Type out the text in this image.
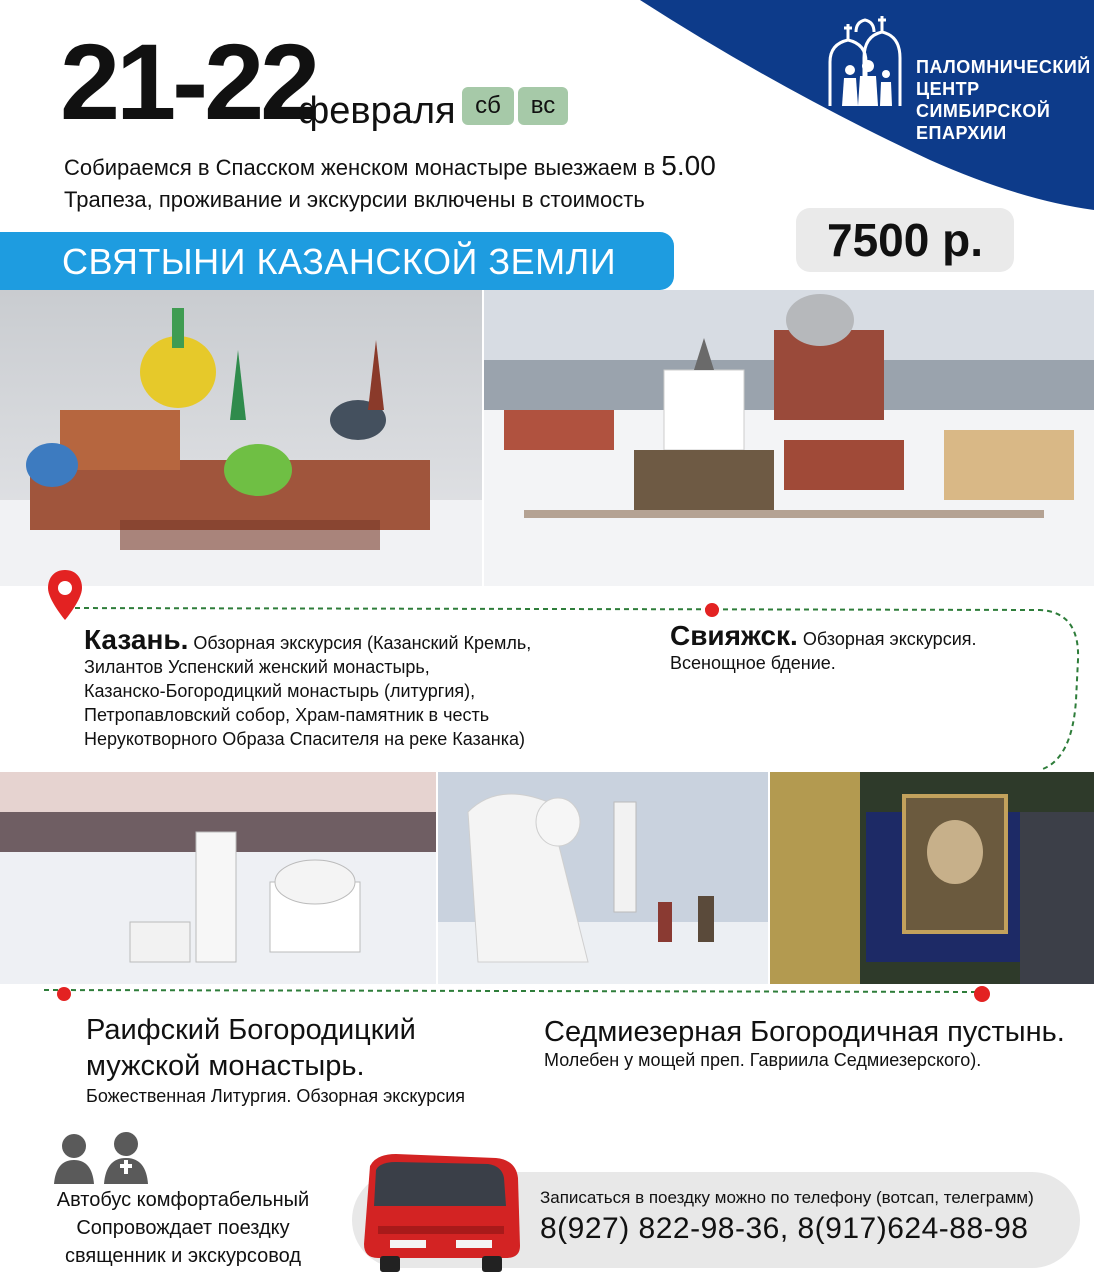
ПАЛОМНИЧЕСКИЙ ЦЕНТР
СИМБИРСКОЙ ЕПАРХИИ
21-22
февраля сб	вс
Собираемся в Спасском женском монастыре выезжаем в 5.00
Трапеза, проживание и экскурсии включены в стоимость
СВЯТЫНИ КАЗАНСКОЙ ЗЕМЛИ	7500 р.
Казань. Обзорная экскурсия (Казанский Кремль,
Зилантов Успенский женский монастырь,
Казанско-Богородицкий монастырь (литургия),
Петропавловский собор, Храм-памятник в честь
Нерукотворного Образа Спасителя на реке Казанка)
Свияжск. Обзорная экскурсия.
Всенощное бдение.
Раифский Богородицкий
мужской монастырь.
Божественная Литургия. Обзорная экскурсия
Седмиезерная Богородичная пустынь.
Молебен у мощей преп. Гавриила Седмиезерского).
Автобус комфортабельный
Сопровождает поездку
священник и экскурсовод
Записаться в поездку можно по телефону (вотсап, телеграмм)
8(927) 822-98-36, 8(917)624-88-98
